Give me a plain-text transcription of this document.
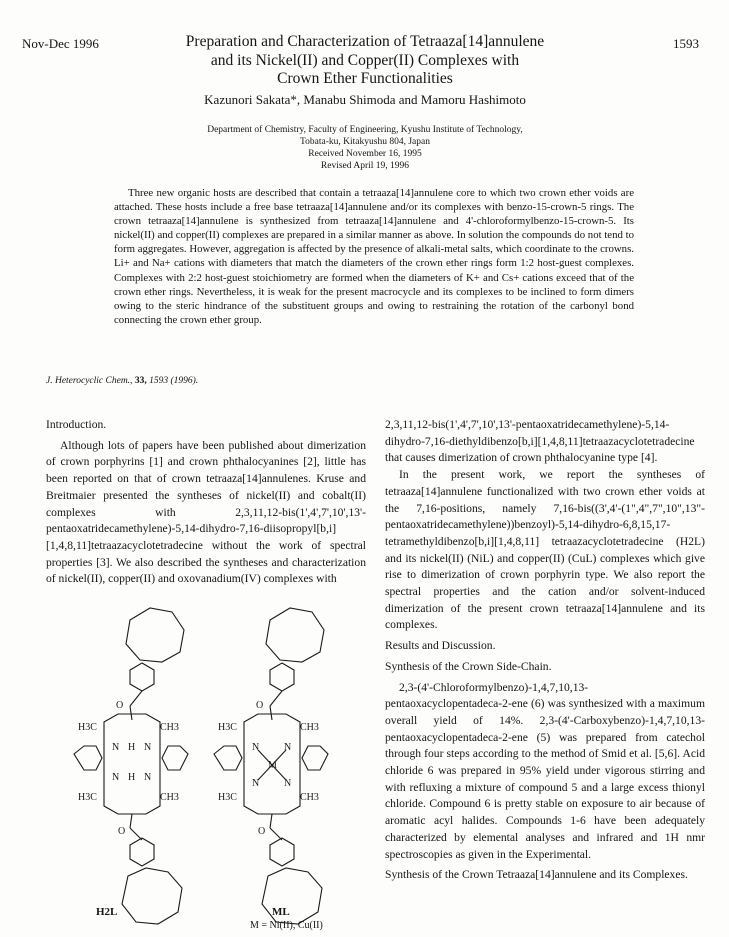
Nov-Dec 1996	1593
Preparation and Characterization of Tetraaza[14]annulene
and its Nickel(II) and Copper(II) Complexes with
Crown Ether Functionalities
Kazunori Sakata*, Manabu Shimoda and Mamoru Hashimoto
Department of Chemistry, Faculty of Engineering, Kyushu Institute of Technology,
Tobata-ku, Kitakyushu 804, Japan
Received November 16, 1995
Revised April 19, 1996

Three new organic hosts are described that contain a tetraaza[14]annulene core to which two crown ether voids are attached. These hosts include a free base tetraaza[14]annulene and/or its complexes with benzo-15-crown-5 rings. The crown tetraaza[14]annulene is synthesized from tetraaza[14]annulene and 4'-chloroformylbenzo-15-crown-5. Its nickel(II) and copper(II) complexes are prepared in a similar manner as above. In solution the compounds do not tend to form aggregates. However, aggregation is affected by the presence of alkali-metal salts, which coordinate to the crowns. Li+ and Na+ cations with diameters that match the diameters of the crown ether rings form 1:2 host-guest complexes. Complexes with 2:2 host-guest stoichiometry are formed when the diameters of K+ and Cs+ cations exceed that of the crown ether rings. Nevertheless, it is weak for the present macrocycle and its complexes to be inclined to form dimers owing to the steric hindrance of the substituent groups and owing to restraining the rotation of the carbonyl bond connecting the crown ether group.

J. Heterocyclic Chem., 33, 1593 (1996).

Introduction.

Although lots of papers have been published about dimerization of crown porphyrins [1] and crown phthalocyanines [2], little has been reported on that of crown tetraaza[14]annulenes. Kruse and Breitmaier presented the syntheses of nickel(II) and cobalt(II) complexes with 2,3,11,12-bis(1',4',7',10',13'-pentaoxatridecamethylene)-5,14-dihydro-7,16-diisopropyl[b,i][1,4,8,11]tetraazacyclotetradecine without the work of spectral properties [3]. We also described the syntheses and characterization of nickel(II), copper(II) and oxovanadium(IV) complexes with

O
H3C	CH3
N N
N N
H
H
H3C	CH3
O
O
H3C	CH3
N N
M
N N
H3C	CH3
O
H2L	ML
M = Ni(II), Cu(II)

2,3,11,12-bis(1',4',7',10',13'-pentaoxatridecamethylene)-5,14-dihydro-7,16-diethyldibenzo[b,i][1,4,8,11]tetraazacyclotetradecine that causes dimerization of crown phthalocyanine type [4].

In the present work, we report the syntheses of tetraaza[14]annulene functionalized with two crown ether voids at the 7,16-positions, namely 7,16-bis((3',4'-(1",4",7",10",13"-pentaoxatridecamethylene))benzoyl)-5,14-dihydro-6,8,15,17-tetramethyldibenzo[b,i][1,4,8,11] tetraazacyclotetradecine (H2L) and its nickel(II) (NiL) and copper(II) (CuL) complexes which give rise to dimerization of crown porphyrin type. We also report the spectral properties and the cation and/or solvent-induced dimerization of the present crown tetraaza[14]annulene and its complexes.

Results and Discussion.

Synthesis of the Crown Side-Chain.

2,3-(4'-Chloroformylbenzo)-1,4,7,10,13-pentaoxacyclopentadeca-2-ene (6) was synthesized with a maximum overall yield of 14%. 2,3-(4'-Carboxybenzo)-1,4,7,10,13-pentaoxacyclopentadeca-2-ene (5) was prepared from catechol through four steps according to the method of Smid et al. [5,6]. Acid chloride 6 was prepared in 95% yield under vigorous stirring and with refluxing a mixture of compound 5 and a large excess thionyl chloride. Compound 6 is pretty stable on exposure to air because of aromatic acyl halides. Compounds 1-6 have been adequately characterized by elemental analyses and infrared and 1H nmr spectroscopies as given in the Experimental.

Synthesis of the Crown Tetraaza[14]annulene and its Complexes.
